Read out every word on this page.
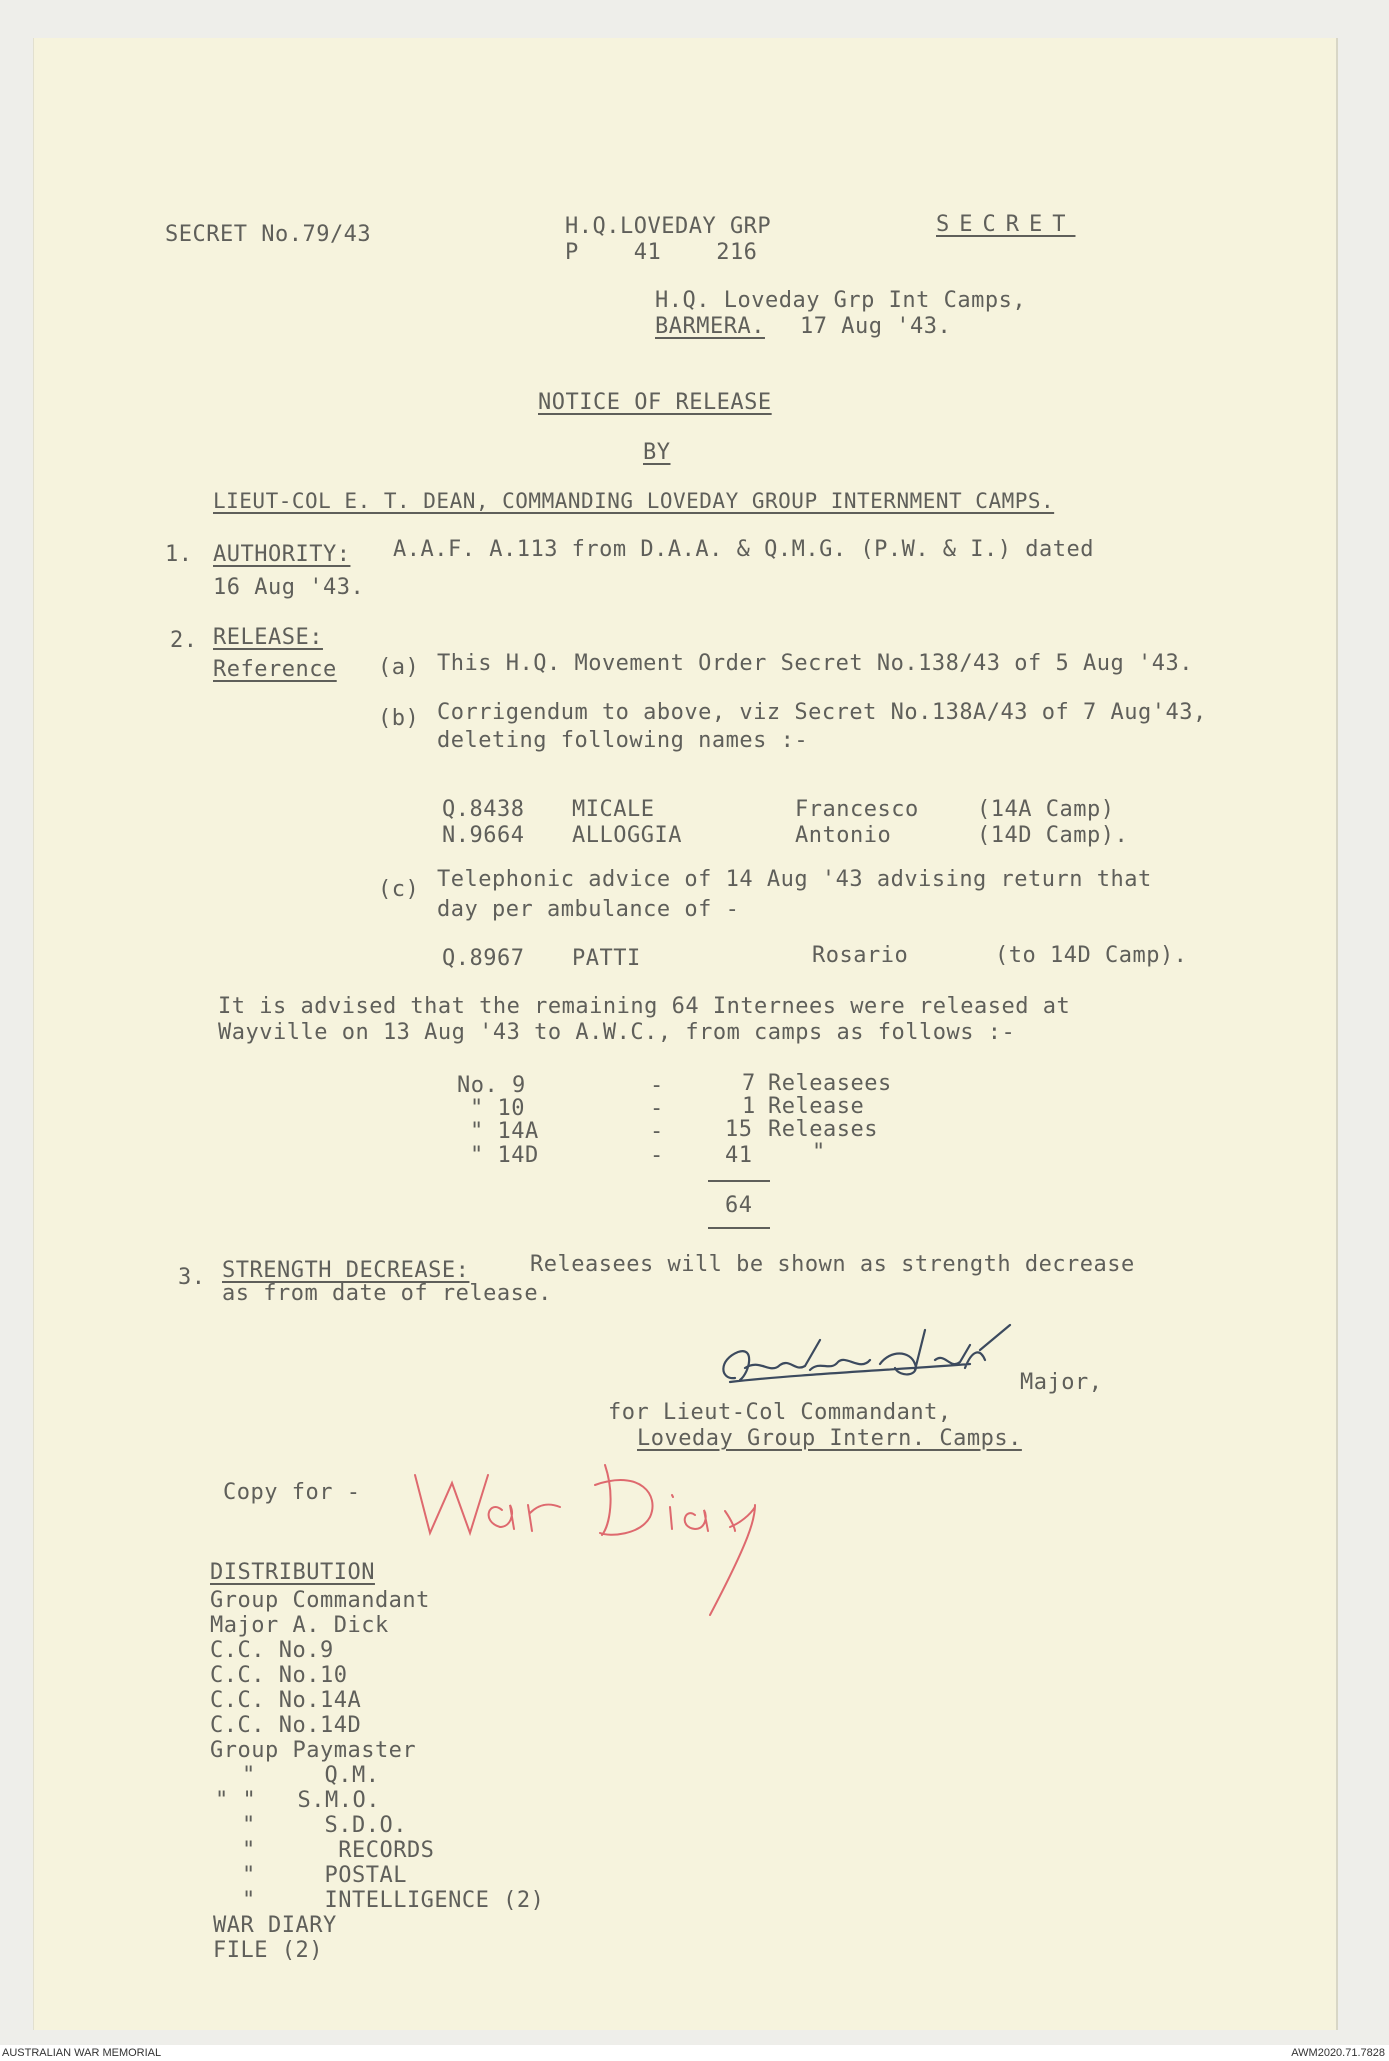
SECRET No.79/43	H.Q.LOVEDAY GRP
P    41    216
SECRET
H.Q. Loveday Grp Int Camps,
BARMERA. 17 Aug '43.
NOTICE OF RELEASE
BY
LIEUT-COL E. T. DEAN, COMMANDING LOVEDAY GROUP INTERNMENT CAMPS.
1. AUTHORITY: A.A.F. A.113 from D.A.A. & Q.M.G. (P.W. & I.) dated
16 Aug '43.
2. RELEASE:
Reference (a) This H.Q. Movement Order Secret No.138/43 of 5 Aug '43.
(b) Corrigendum to above, viz Secret No.138A/43 of 7 Aug'43,
deleting following names :-
Q.8438 MICALE	Francesco	(14A Camp)
N.9664 ALLOGGIA	Antonio	(14D Camp).
(c) Telephonic advice of 14 Aug '43 advising return that
day per ambulance of -
Q.8967 PATTI	Rosario	(to 14D Camp).
It is advised that the remaining 64 Internees were released at
Wayville on 13 Aug '43 to A.W.C., from camps as follows :-
No. 9	-	7 Releasees
" 10	-	1 Release
" 14A	-	15 Releases
" 14D	-	41	"
64
3. STRENGTH DECREASE:	Releasees will be shown as strength decrease
as from date of release.
Major,
for Lieut-Col Commandant,
Loveday Group Intern. Camps.
Copy for -
DISTRIBUTION
Group Commandant
Major A. Dick
C.C. No.9
C.C. No.10
C.C. No.14A
C.C. No.14D
Group Paymaster
"     Q.M.
" "   S.M.O.
"     S.D.O.
"      RECORDS
"     POSTAL
"     INTELLIGENCE (2)
WAR DIARY
FILE (2)
AUSTRALIAN WAR MEMORIAL	AWM2020.71.7828
